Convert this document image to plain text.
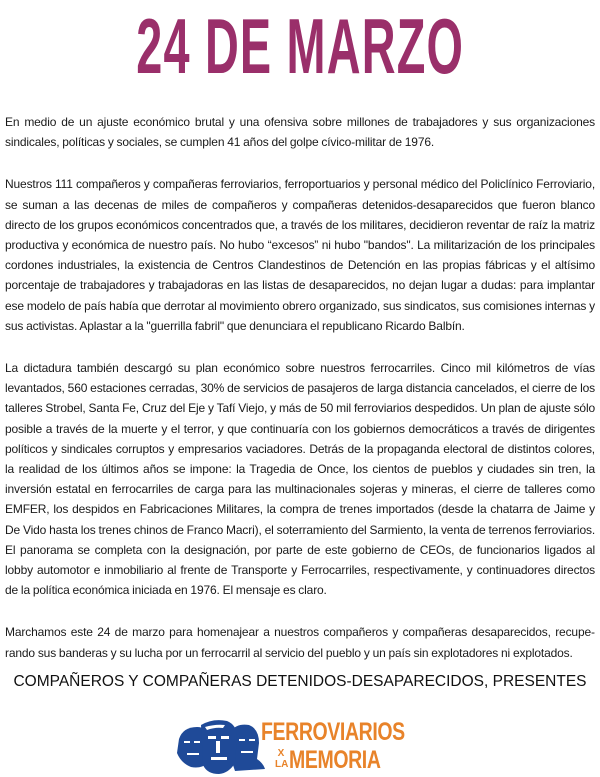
24 DE MARZO

En medio de un ajuste económico brutal y una ofensiva sobre millones de trabajadores y sus organizaciones sindicales, políticas y sociales, se cumplen 41 años del golpe cívico-militar de 1976.

Nuestros 111 compañeros y compañeras ferroviarios, ferroportuarios y personal médico del Policlínico Ferroviario, se suman a las decenas de miles de compañeros y compañeras detenidos-desaparecidos que fueron blanco directo de los grupos económicos concentrados que, a través de los militares, decidieron reventar de raíz la matriz productiva y económica de nuestro país. No hubo “excesos” ni hubo "bandos". La militarización de los principales cordones industriales, la existencia de Centros Clandestinos de Detención en las propias fábricas y el altísimo porcentaje de trabajadores y trabajadoras en las listas de desaparecidos, no dejan lugar a dudas: para implantar ese modelo de país había que derrotar al movimiento obrero organizado, sus sindicatos, sus comisiones internas y sus activistas. Aplastar a la "guerrilla fabril" que denunciara el republicano Ricardo Balbín.

La dictadura también descargó su plan económico sobre nuestros ferrocarriles. Cinco mil kilómetros de vías levantados, 560 estaciones cerradas, 30% de servicios de pasajeros de larga distancia cancelados, el cierre de los talleres Strobel, Santa Fe, Cruz del Eje y Tafí Viejo, y más de 50 mil ferroviarios despedidos. Un plan de ajuste sólo posible a través de la muerte y el terror, y que continuaría con los gobiernos democráticos a través de dirigentes políticos y sindicales corruptos y empresarios vaciadores. Detrás de la propaganda electoral de distintos colores, la realidad de los últimos años se impone: la Tragedia de Once, los cientos de pueblos y ciudades sin tren, la inversión estatal en ferrocarriles de carga para las multinacionales sojeras y mineras, el cierre de talleres como EMFER, los despidos en Fabricaciones Militares, la compra de trenes importados (desde la chatarra de Jaime y De Vido hasta los trenes chinos de Franco Macri), el soterramiento del Sarmiento, la venta de terrenos ferroviarios. El panorama se completa con la designación, por parte de este gobierno de CEOs, de funcionarios ligados al lobby automotor e inmobiliario al frente de Transporte y Ferrocarriles, respectivamente, y continuadores directos de la política económica iniciada en 1976. El mensaje es claro.

Marchamos este 24 de marzo para homenajear a nuestros compañeros y compañeras desaparecidos, recuperando sus banderas y su lucha por un ferrocarril al servicio del pueblo y un país sin explotadores ni explotados.

COMPAÑEROS Y COMPAÑERAS DETENIDOS-DESAPARECIDOS, PRESENTES
FERROVIARIOS
X LA MEMORIA
